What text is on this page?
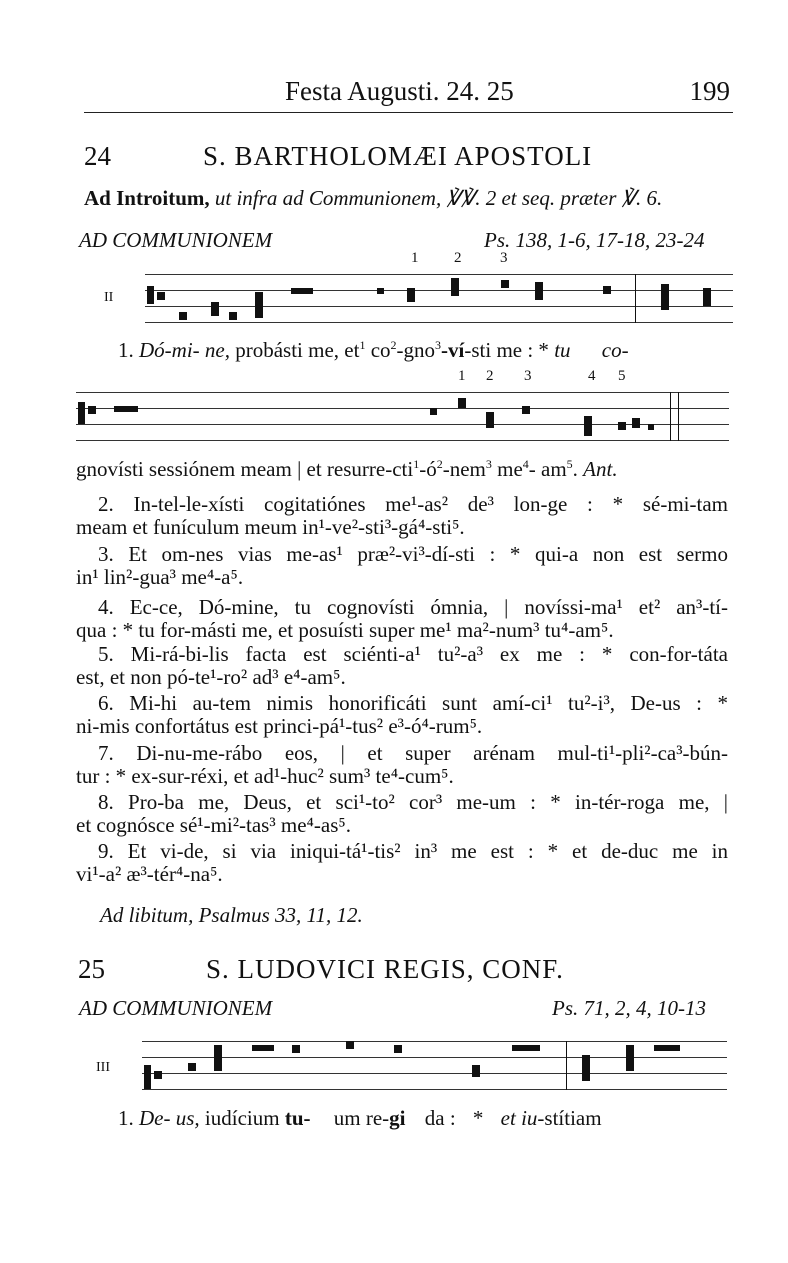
Festa Augusti. 24. 25	199
24	S. BARTHOLOMÆI APOSTOLI
Ad Introitum, ut infra ad Communionem, ℣℣. 2 et seq. præter ℣. 6.
AD COMMUNIONEM	Ps. 138, 1-6, 17-18, 23-24
1 2	3
II
1. Dó-mi- ne, probásti me, $et^1$ $co^2-gno^3-ví$-sti me : * tu co-
1 2 3	4 5
gnovísti sessiónem meam | et resurre-$cti^1-ó^2-nem^3$ $me^4-$ $am^5$. Ant.
2. In-tel-le-xísti cogitatiónes me¹-as² de³ lon-ge : * sé-mi-tam
meam et funículum meum in¹-ve²-sti³-gá⁴-sti⁵.
3. Et om-nes vias me-as¹ præ²-vi³-dí-sti : * qui-a non est sermo
in¹ lin²-gua³ me⁴-a⁵.
4. Ec-ce, Dó-mine, tu cognovísti ómnia, | novíssi-ma¹ et² an³-tí-
qua : * tu for-másti me, et posuísti super me¹ ma²-num³ tu⁴-am⁵.
5. Mi-rá-bi-lis facta est sciénti-a¹ tu²-a³ ex me : * con-for-táta
est, et non pó-te¹-ro² ad³ e⁴-am⁵.
6. Mi-hi au-tem nimis honorificáti sunt amí-ci¹ tu²-i³, De-us : *
ni-mis confortátus est princi-pá¹-tus² e³-ó⁴-rum⁵.
7. Di-nu-me-rábo eos, | et super arénam mul-ti¹-pli²-ca³-bún-
tur : * ex-sur-réxi, et ad¹-huc² sum³ te⁴-cum⁵.
8. Pro-ba me, Deus, et sci¹-to² cor³ me-um : * in-tér-roga me, |
et cognósce sé¹-mi²-tas³ me⁴-as⁵.
9. Et vi-de, si via iniqui-tá¹-tis² in³ me est : * et de-duc me in
vi¹-a² æ³-tér⁴-na⁵.
Ad libitum, Psalmus 33, 11, 12.
25	S. LUDOVICI REGIS, CONF.
AD COMMUNIONEM	Ps. 71, 2, 4, 10-13
III
1. De- us, iudícium tu- um re-gi da : * et iu-stítiam
